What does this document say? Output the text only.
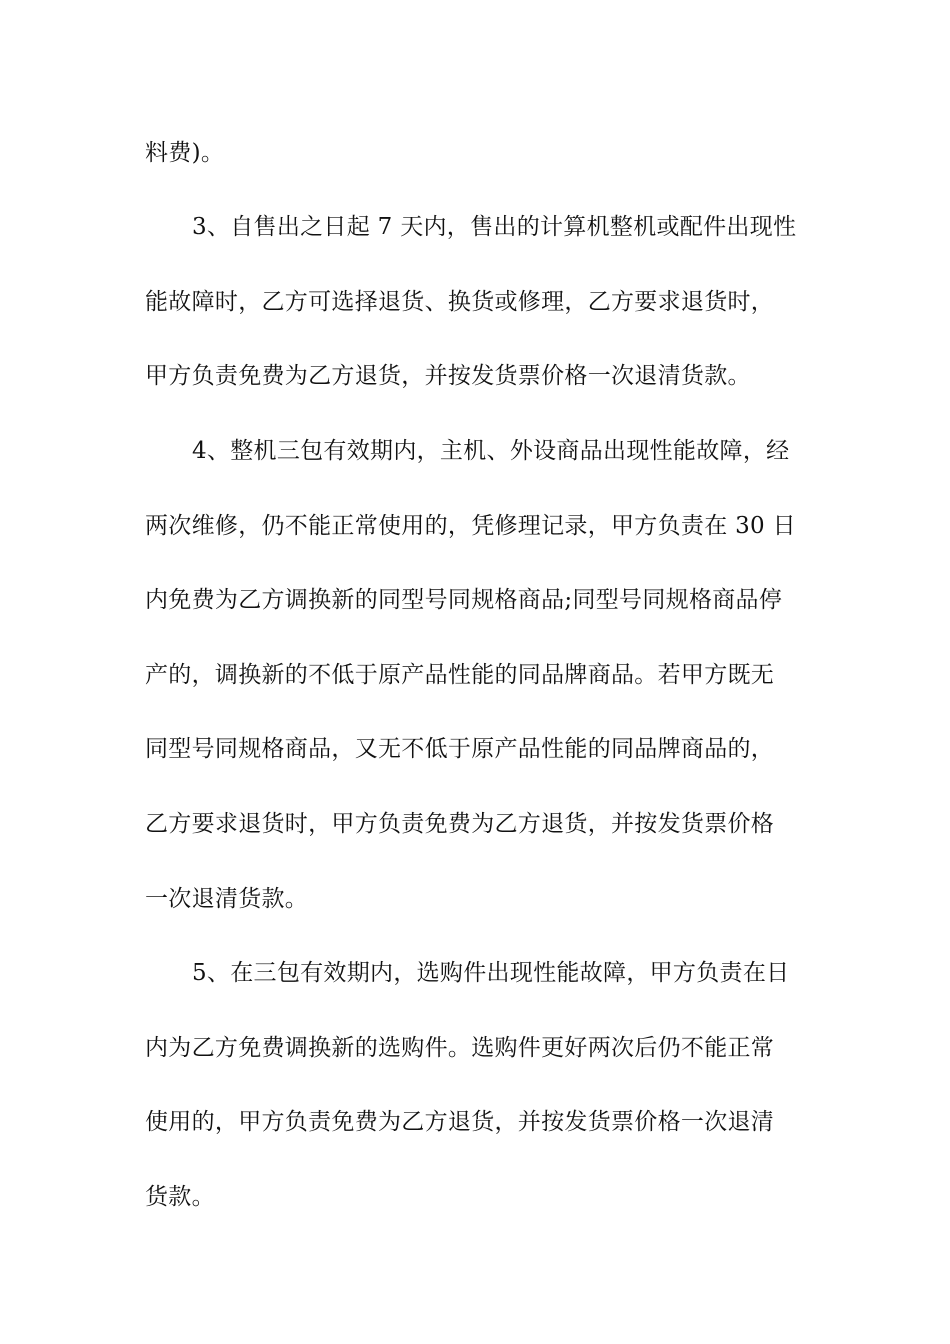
料费)。
3、自售出之日起 7 天内，售出的计算机整机或配件出现性
能故障时，乙方可选择退货、换货或修理，乙方要求退货时，
甲方负责免费为乙方退货，并按发货票价格一次退清货款。
4、整机三包有效期内，主机、外设商品出现性能故障，经
两次维修，仍不能正常使用的，凭修理记录，甲方负责在 30 日
内免费为乙方调换新的同型号同规格商品;同型号同规格商品停
产的，调换新的不低于原产品性能的同品牌商品。若甲方既无
同型号同规格商品，又无不低于原产品性能的同品牌商品的，
乙方要求退货时，甲方负责免费为乙方退货，并按发货票价格
一次退清货款。
5、在三包有效期内，选购件出现性能故障，甲方负责在日
内为乙方免费调换新的选购件。选购件更好两次后仍不能正常
使用的，甲方负责免费为乙方退货，并按发货票价格一次退清
货款。
